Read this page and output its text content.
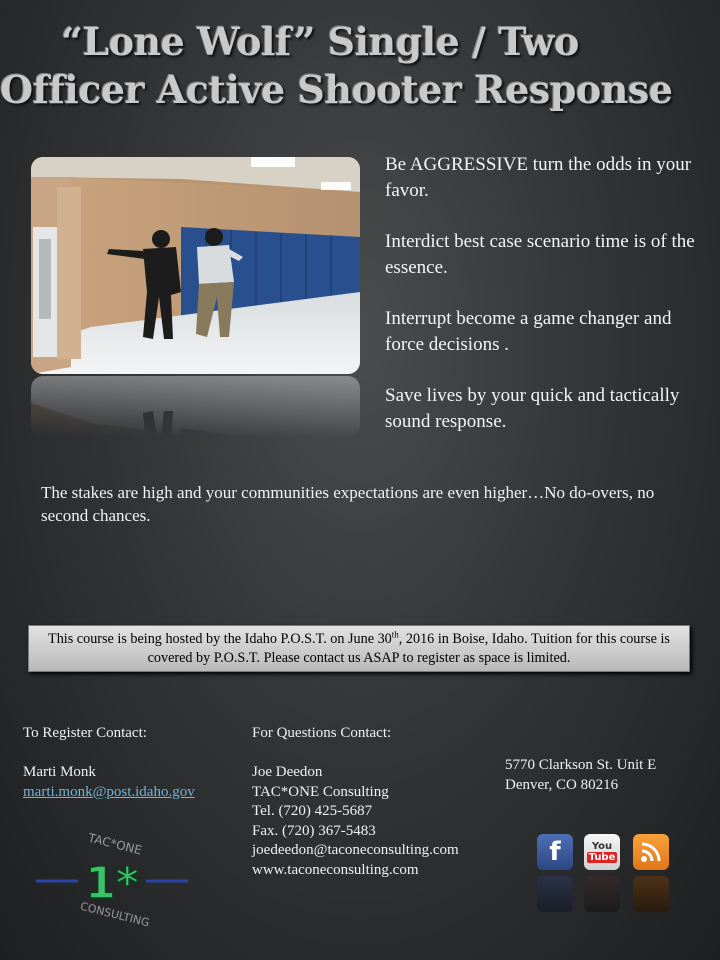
“Lone Wolf” Single / Two
Officer Active Shooter Response

Be AGGRESSIVE turn the odds in your favor.

Interdict best case scenario time is of the essence.

Interrupt become a game changer and force decisions .

Save lives by your quick and tactically sound response.

The stakes are high and your communities expectations are even higher…No do-overs, no second chances.
This course is being hosted by the Idaho P.O.S.T. on June 30th, 2016 in Boise, Idaho. Tuition for this course is covered by P.O.S.T. Please contact us ASAP to register as space is limited.
To Register Contact:
Marti Monk
marti.monk@post.idaho.gov
For Questions Contact:
Joe Deedon
TAC*ONE Consulting
Tel. (720) 425-5687
Fax. (720) 367-5483
joedeedon@taconeconsulting.com
www.taconeconsulting.com
5770 Clarkson St. Unit E
Denver, CO 80216
TAC*ONE
1*
CONSULTING
f	You
Tube
